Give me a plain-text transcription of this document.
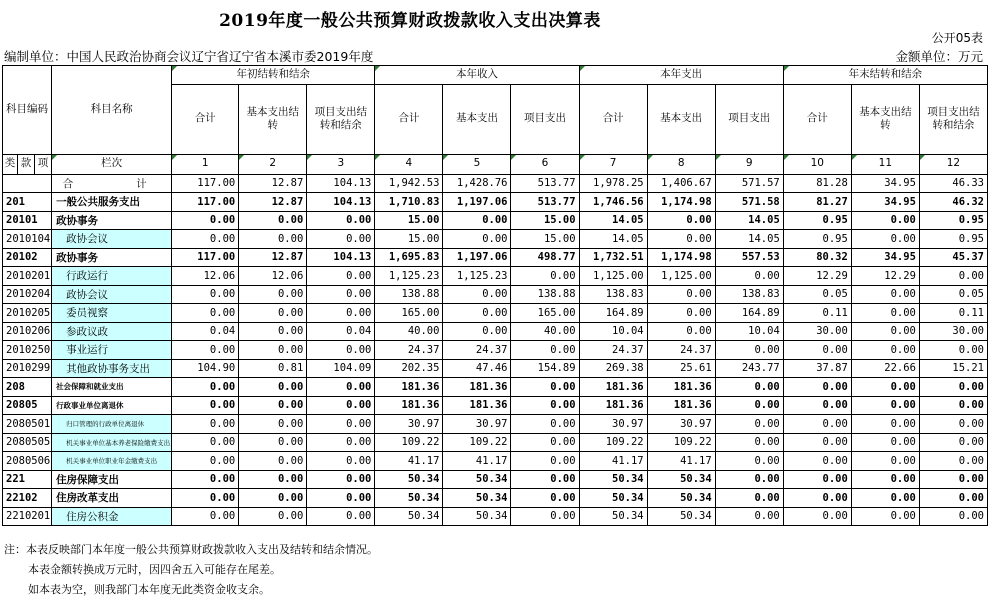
2019年度一般公共预算财政拨款收入支出决算表
公开05表
编制单位：中国人民政治协商会议辽宁省辽宁省本溪市委2019年度	金额单位：万元
科目编码			科目名称	年初结转和结余			本年收入			本年支出			年末结转和结余		
				合计	基本支出结转	项目支出结转和结余	合计	基本支出	项目支出	合计	基本支出	项目支出	合计	基本支出结转	项目支出结转和结余
类	款	项	栏次	1	2	3	4	5	6	7	8	9	10	11	12
			合　　计	117.00	12.87	104.13	1,942.53	1,428.76	513.77	1,978.25	1,406.67	571.57	81.28	34.95	46.33
201			一般公共服务支出	117.00	12.87	104.13	1,710.83	1,197.06	513.77	1,746.56	1,174.98	571.58	81.27	34.95	46.32
20101			政协事务	0.00	0.00	0.00	15.00	0.00	15.00	14.05	0.00	14.05	0.95	0.00	0.95
2010104			政协会议	0.00	0.00	0.00	15.00	0.00	15.00	14.05	0.00	14.05	0.95	0.00	0.95
20102			政协事务	117.00	12.87	104.13	1,695.83	1,197.06	498.77	1,732.51	1,174.98	557.53	80.32	34.95	45.37
2010201			行政运行	12.06	12.06	0.00	1,125.23	1,125.23	0.00	1,125.00	1,125.00	0.00	12.29	12.29	0.00
2010204			政协会议	0.00	0.00	0.00	138.88	0.00	138.88	138.83	0.00	138.83	0.05	0.00	0.05
2010205			委员视察	0.00	0.00	0.00	165.00	0.00	165.00	164.89	0.00	164.89	0.11	0.00	0.11
2010206			参政议政	0.04	0.00	0.04	40.00	0.00	40.00	10.04	0.00	10.04	30.00	0.00	30.00
2010250			事业运行	0.00	0.00	0.00	24.37	24.37	0.00	24.37	24.37	0.00	0.00	0.00	0.00
2010299			其他政协事务支出	104.90	0.81	104.09	202.35	47.46	154.89	269.38	25.61	243.77	37.87	22.66	15.21
208			社会保障和就业支出	0.00	0.00	0.00	181.36	181.36	0.00	181.36	181.36	0.00	0.00	0.00	0.00
20805			行政事业单位离退休	0.00	0.00	0.00	181.36	181.36	0.00	181.36	181.36	0.00	0.00	0.00	0.00
2080501			归口管理的行政单位离退休	0.00	0.00	0.00	30.97	30.97	0.00	30.97	30.97	0.00	0.00	0.00	0.00
2080505			机关事业单位基本养老保险缴费支出	0.00	0.00	0.00	109.22	109.22	0.00	109.22	109.22	0.00	0.00	0.00	0.00
2080506			机关事业单位职业年金缴费支出	0.00	0.00	0.00	41.17	41.17	0.00	41.17	41.17	0.00	0.00	0.00	0.00
221			住房保障支出	0.00	0.00	0.00	50.34	50.34	0.00	50.34	50.34	0.00	0.00	0.00	0.00
22102			住房改革支出	0.00	0.00	0.00	50.34	50.34	0.00	50.34	50.34	0.00	0.00	0.00	0.00
2210201			住房公积金	0.00	0.00	0.00	50.34	50.34	0.00	50.34	50.34	0.00	0.00	0.00	0.00
注：本表反映部门本年度一般公共预算财政拨款收入支出及结转和结余情况。
本表金额转换成万元时，因四舍五入可能存在尾差。
如本表为空，则我部门本年度无此类资金收支余。
